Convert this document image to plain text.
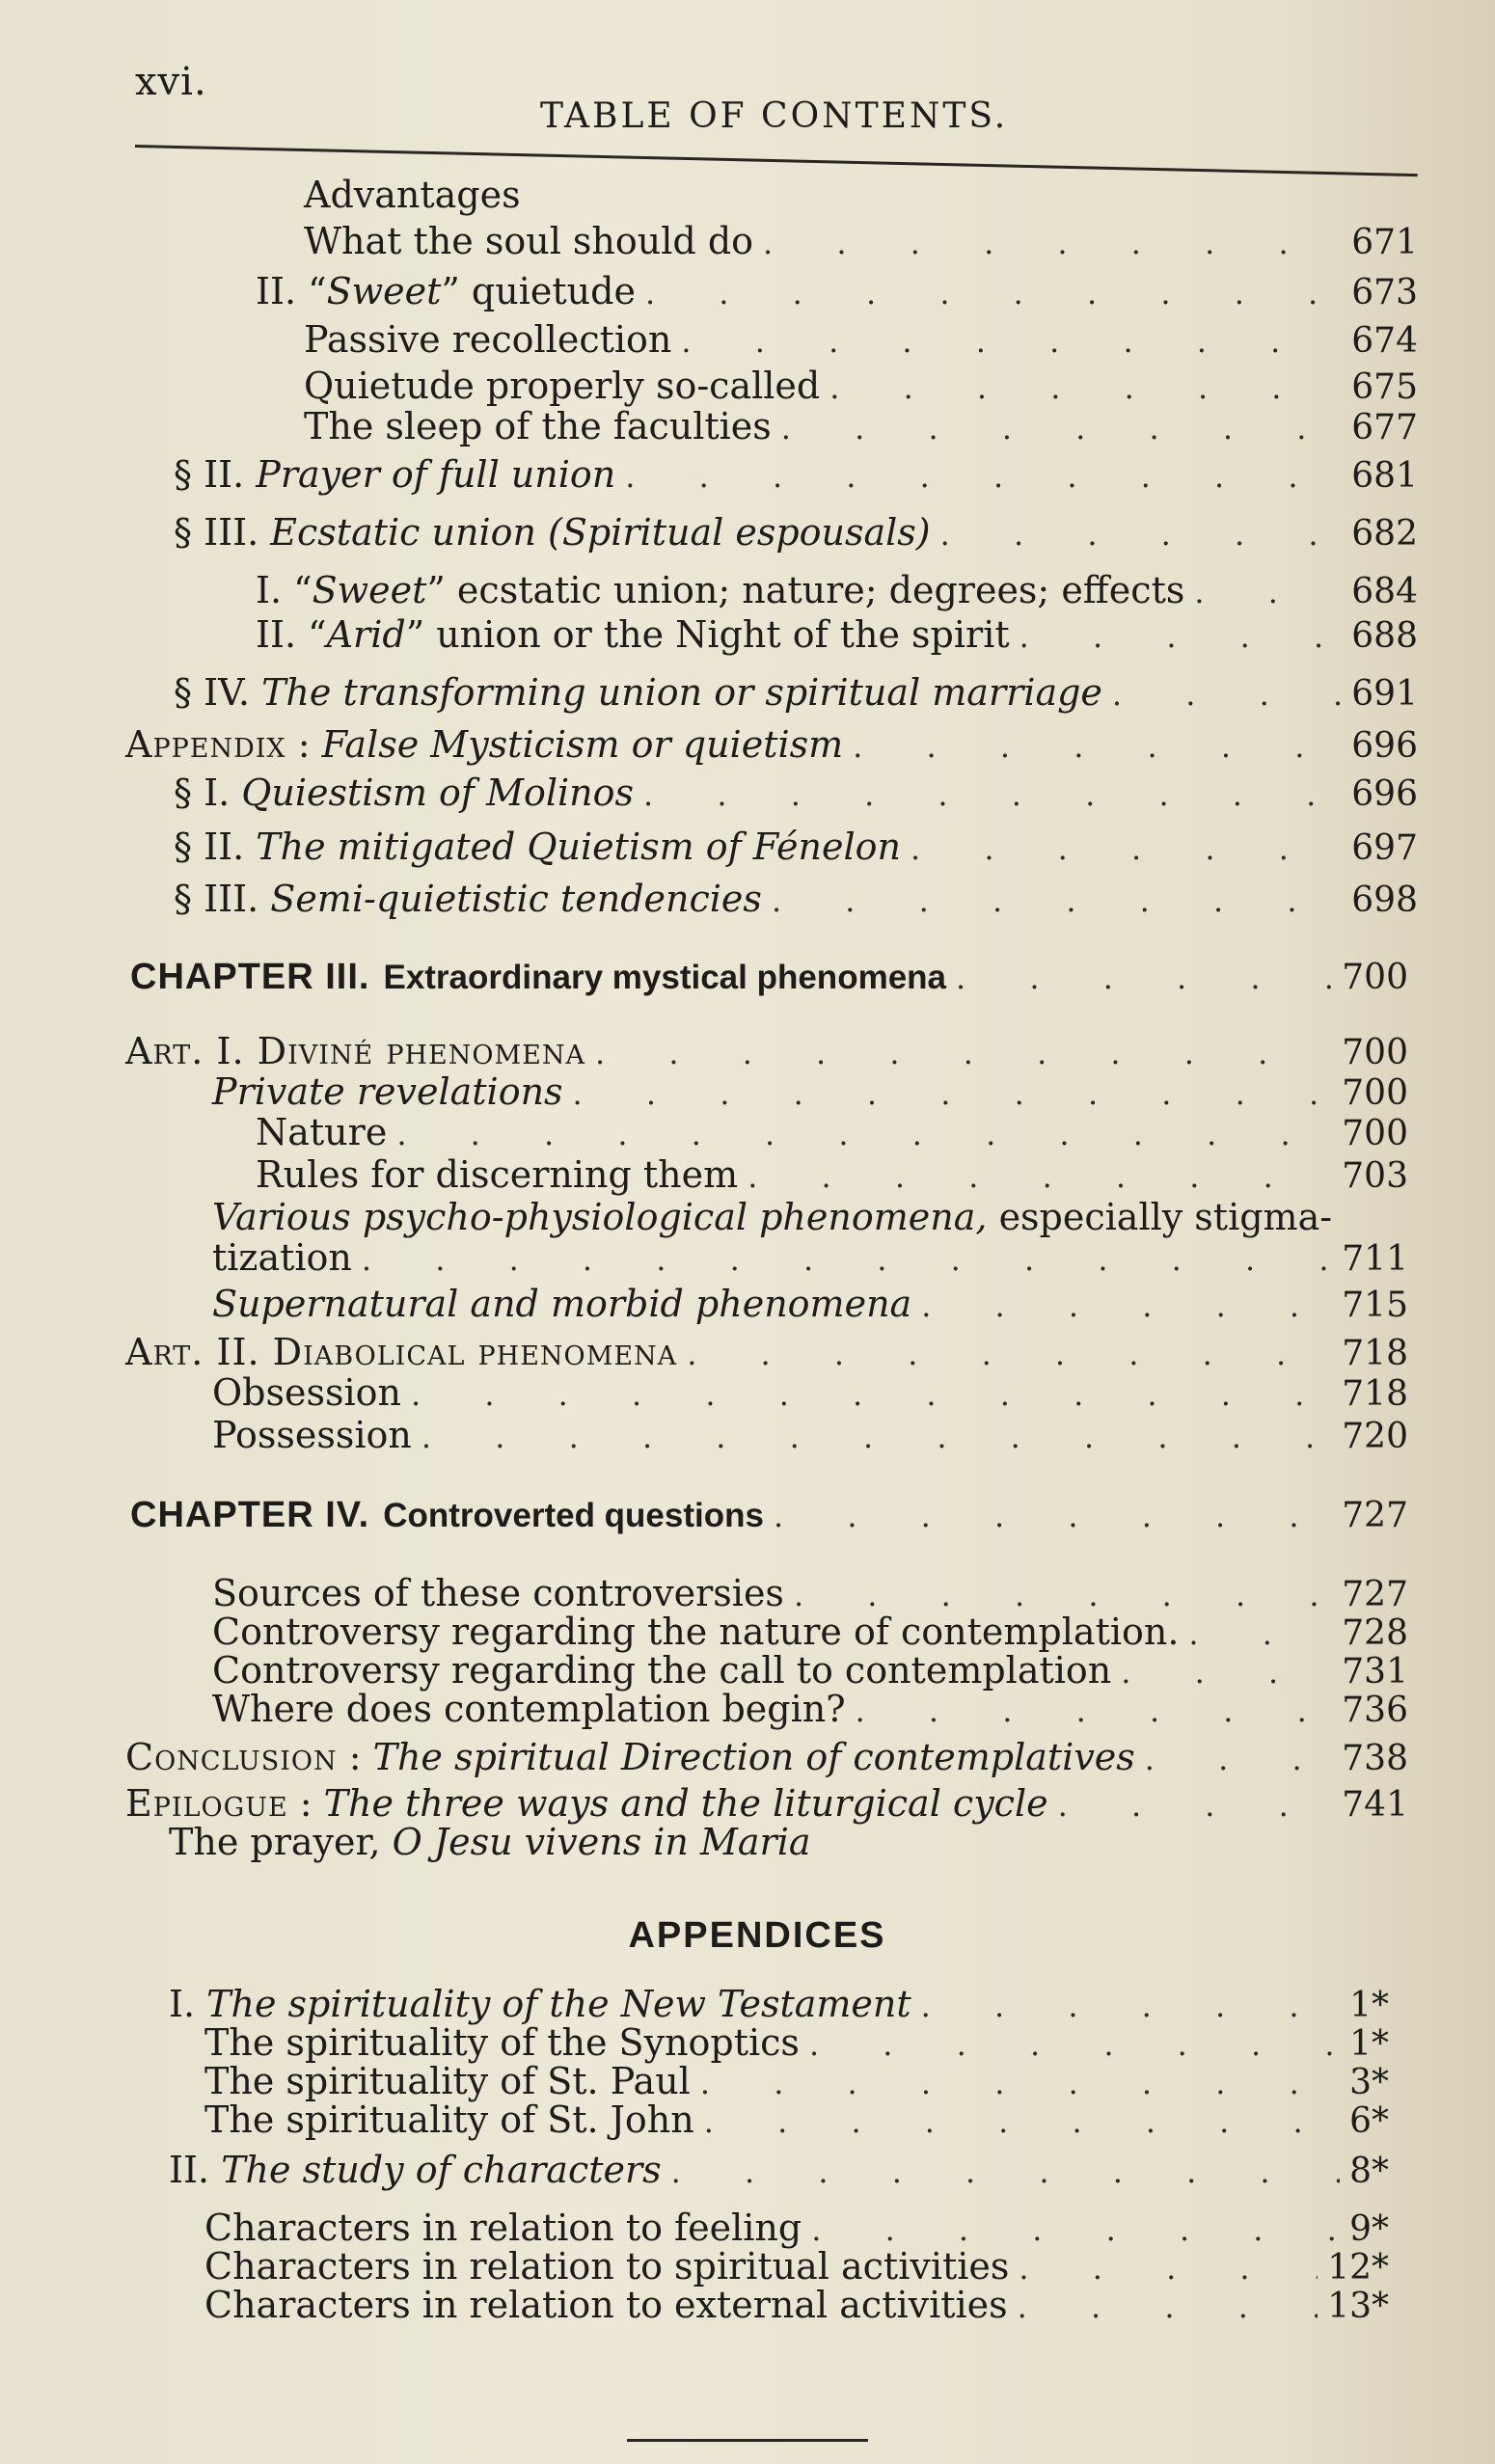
xvi.
TABLE OF CONTENTS.
Advantages
What the soul should do . . .	671
II. “Sweet” quietude . . .	673
Passive recollection . . .	674
Quietude properly so-called . . .	675
The sleep of the faculties . . .	677
§ II. Prayer of full union . . .	681
§ III. Ecstatic union (Spiritual espousals) . . .	682
I. “Sweet” ecstatic union; nature; degrees; effects . . .	684
II. “Arid” union or the Night of the spirit . . .	688
§ IV. The transforming union or spiritual marriage . . .	691
Appendix : False Mysticism or quietism . . .	696
§ I. Quiestism of Molinos . . .	696
§ II. The mitigated Quietism of Fénelon . . .	697
§ III. Semi-quietistic tendencies . . .	698
CHAPTER III. Extraordinary mystical phenomena . . .	700
Art. I. Diviné phenomena . . .	700
Private revelations . . .	700
Nature . . .	700
Rules for discerning them . . .	703
Various psycho-physiological phenomena, especially stigma-
tization . . .	711
Supernatural and morbid phenomena . . .	715
Art. II. Diabolical phenomena . . .	718
Obsession . . .	718
Possession . . .	720
CHAPTER IV. Controverted questions . . .	727
Sources of these controversies . . .	727
Controversy regarding the nature of contemplation. . . .	728
Controversy regarding the call to contemplation . . .	731
Where does contemplation begin? . . .	736
Conclusion : The spiritual Direction of contemplatives . . .	738
Epilogue : The three ways and the liturgical cycle . . .	741
The prayer, O Jesu vivens in Maria
I. The spirituality of the New Testament . . .	1*
The spirituality of the Synoptics . . .	1*
The spirituality of St. Paul . . .	3*
The spirituality of St. John . . .	6*
II. The study of characters . . .	8*
Characters in relation to feeling . . .	9*
Characters in relation to spiritual activities . . .	12*
Characters in relation to external activities . . .	13*
APPENDICES
